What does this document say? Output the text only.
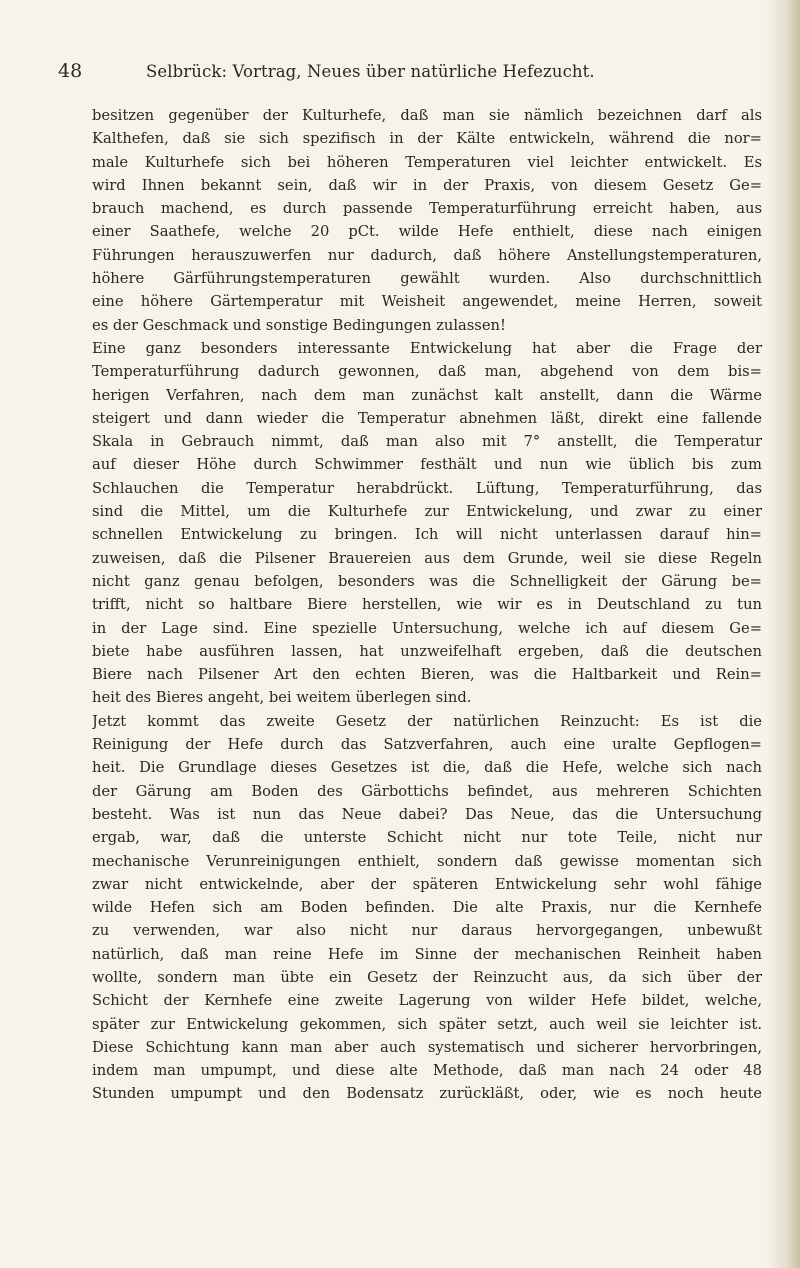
48	Selbrück: Vortrag, Neues über natürliche Hefezucht.
besitzen gegenüber der Kulturhefe, daß man sie nämlich bezeichnen darf als
Kalthefen, daß sie sich spezifisch in der Kälte entwickeln, während die nor=
male Kulturhefe sich bei höheren Temperaturen viel leichter entwickelt. Es
wird Ihnen bekannt sein, daß wir in der Praxis, von diesem Gesetz Ge=
brauch machend, es durch passende Temperaturführung erreicht haben, aus
einer Saathefe, welche 20 pCt. wilde Hefe enthielt, diese nach einigen
Führungen herauszuwerfen nur dadurch, daß höhere Anstellungstemperaturen,
höhere Gärführungstemperaturen gewählt wurden. Also durchschnittlich
eine höhere Gärtemperatur mit Weisheit angewendet, meine Herren, soweit
es der Geschmack und sonstige Bedingungen zulassen!
Eine ganz besonders interessante Entwickelung hat aber die Frage der
Temperaturführung dadurch gewonnen, daß man, abgehend von dem bis=
herigen Verfahren, nach dem man zunächst kalt anstellt, dann die Wärme
steigert und dann wieder die Temperatur abnehmen läßt, direkt eine fallende
Skala in Gebrauch nimmt, daß man also mit 7° anstellt, die Temperatur
auf dieser Höhe durch Schwimmer festhält und nun wie üblich bis zum
Schlauchen die Temperatur herabdrückt. Lüftung, Temperaturführung, das
sind die Mittel, um die Kulturhefe zur Entwickelung, und zwar zu einer
schnellen Entwickelung zu bringen. Ich will nicht unterlassen darauf hin=
zuweisen, daß die Pilsener Brauereien aus dem Grunde, weil sie diese Regeln
nicht ganz genau befolgen, besonders was die Schnelligkeit der Gärung be=
trifft, nicht so haltbare Biere herstellen, wie wir es in Deutschland zu tun
in der Lage sind. Eine spezielle Untersuchung, welche ich auf diesem Ge=
biete habe ausführen lassen, hat unzweifelhaft ergeben, daß die deutschen
Biere nach Pilsener Art den echten Bieren, was die Haltbarkeit und Rein=
heit des Bieres angeht, bei weitem überlegen sind.
Jetzt kommt das zweite Gesetz der natürlichen Reinzucht: Es ist die
Reinigung der Hefe durch das Satzverfahren, auch eine uralte Gepflogen=
heit. Die Grundlage dieses Gesetzes ist die, daß die Hefe, welche sich nach
der Gärung am Boden des Gärbottichs befindet, aus mehreren Schichten
besteht. Was ist nun das Neue dabei? Das Neue, das die Untersuchung
ergab, war, daß die unterste Schicht nicht nur tote Teile, nicht nur
mechanische Verunreinigungen enthielt, sondern daß gewisse momentan sich
zwar nicht entwickelnde, aber der späteren Entwickelung sehr wohl fähige
wilde Hefen sich am Boden befinden. Die alte Praxis, nur die Kernhefe
zu verwenden, war also nicht nur daraus hervorgegangen, unbewußt
natürlich, daß man reine Hefe im Sinne der mechanischen Reinheit haben
wollte, sondern man übte ein Gesetz der Reinzucht aus, da sich über der
Schicht der Kernhefe eine zweite Lagerung von wilder Hefe bildet, welche,
später zur Entwickelung gekommen, sich später setzt, auch weil sie leichter ist.
Diese Schichtung kann man aber auch systematisch und sicherer hervorbringen,
indem man umpumpt, und diese alte Methode, daß man nach 24 oder 48
Stunden umpumpt und den Bodensatz zurückläßt, oder, wie es noch heute
